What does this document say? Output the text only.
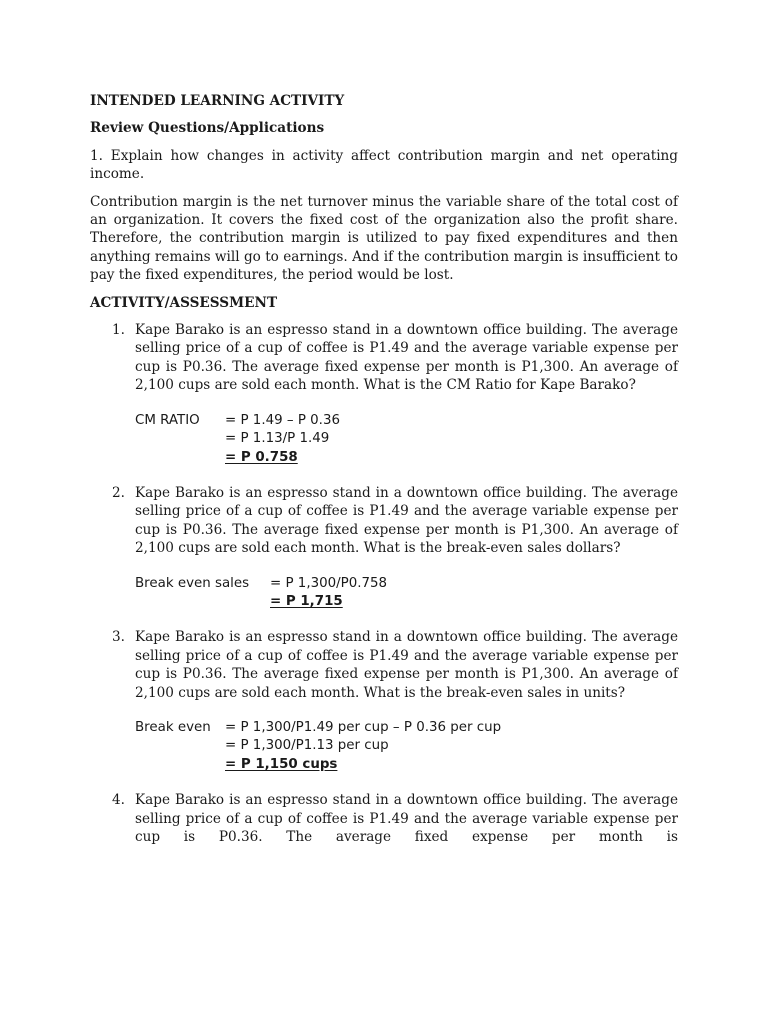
INTENDED LEARNING ACTIVITY
Review Questions/Applications
1. Explain how changes in activity affect contribution margin and net operating income.
Contribution margin is the net turnover minus the variable share of the total cost of an organization. It covers the fixed cost of the organization also the profit share. Therefore, the contribution margin is utilized to pay fixed expenditures and then anything remains will go to earnings. And if the contribution margin is insufficient to pay the fixed expenditures, the period would be lost.
ACTIVITY/ASSESSMENT
1. Kape Barako is an espresso stand in a downtown office building. The average selling price of a cup of coffee is P1.49 and the average variable expense per cup is P0.36. The average fixed expense per month is P1,300. An average of 2,100 cups are sold each month. What is the CM Ratio for Kape Barako?
CM RATIO	= P 1.49 – P 0.36
= P 1.13/P 1.49
= P 0.758
2. Kape Barako is an espresso stand in a downtown office building. The average selling price of a cup of coffee is P1.49 and the average variable expense per cup is P0.36. The average fixed expense per month is P1,300. An average of 2,100 cups are sold each month. What is the break-even sales dollars?
Break even sales	= P 1,300/P0.758
= P 1,715
3. Kape Barako is an espresso stand in a downtown office building. The average selling price of a cup of coffee is P1.49 and the average variable expense per cup is P0.36. The average fixed expense per month is P1,300. An average of 2,100 cups are sold each month. What is the break-even sales in units?
Break even	= P 1,300/P1.49 per cup – P 0.36 per cup
= P 1,300/P1.13 per cup
= P 1,150 cups
4. Kape Barako is an espresso stand in a downtown office building. The average selling price of a cup of coffee is P1.49 and the average variable expense per cup is P0.36. The average fixed expense per month is
